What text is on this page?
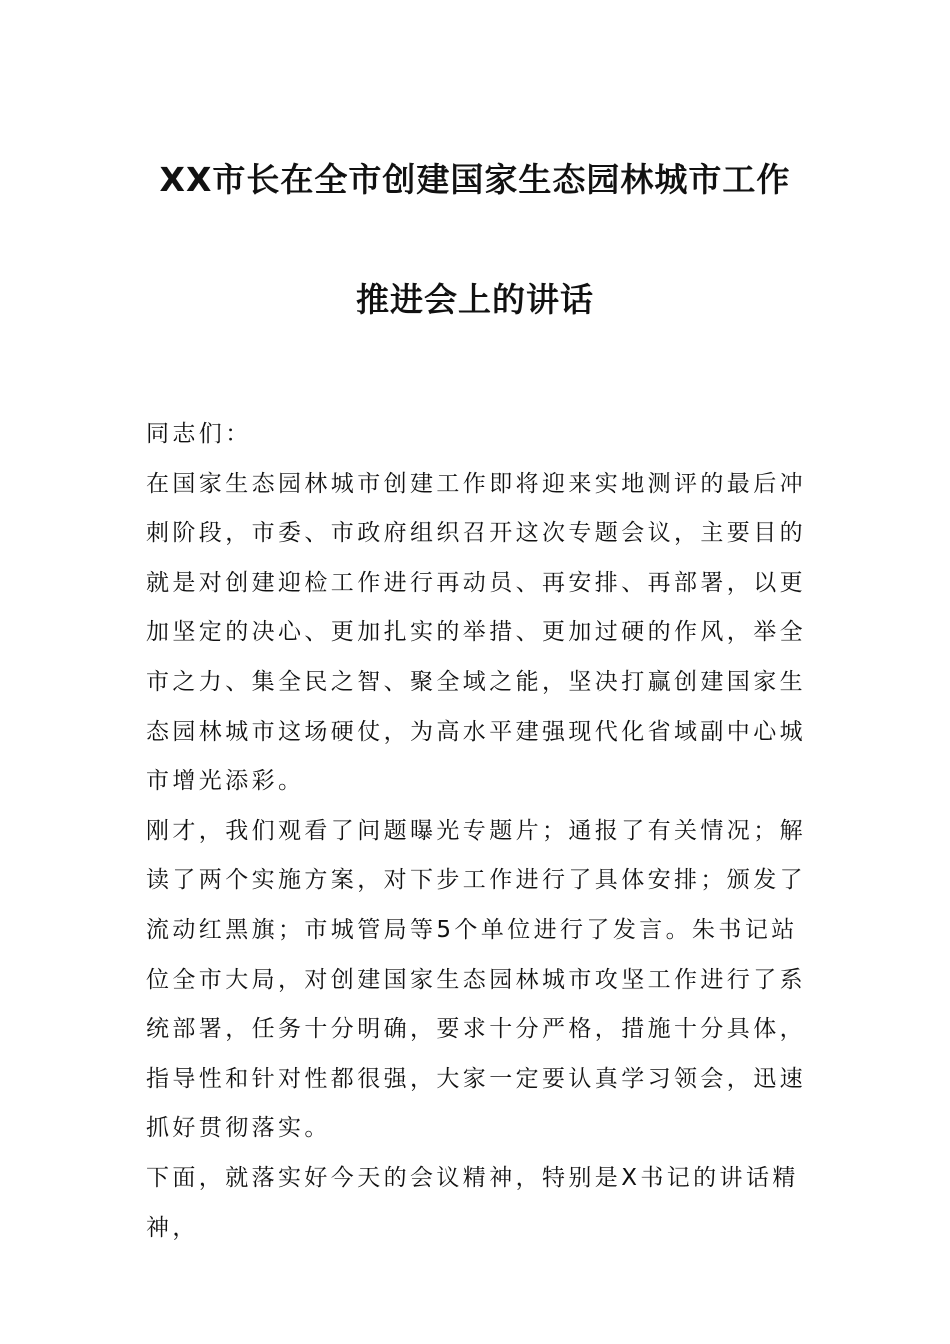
XX市长在全市创建国家生态园林城市工作
推进会上的讲话

同志们：

在国家生态园林城市创建工作即将迎来实地测评的最后冲刺阶段，市委、市政府组织召开这次专题会议，主要目的就是对创建迎检工作进行再动员、再安排、再部署，以更加坚定的决心、更加扎实的举措、更加过硬的作风，举全市之力、集全民之智、聚全域之能，坚决打赢创建国家生态园林城市这场硬仗，为高水平建强现代化省域副中心城市增光添彩。

刚才，我们观看了问题曝光专题片；通报了有关情况；解读了两个实施方案，对下步工作进行了具体安排；颁发了流动红黑旗；市城管局等5个单位进行了发言。朱书记站位全市大局，对创建国家生态园林城市攻坚工作进行了系统部署，任务十分明确，要求十分严格，措施十分具体，指导性和针对性都很强，大家一定要认真学习领会，迅速抓好贯彻落实。

下面，就落实好今天的会议精神，特别是X书记的讲话精神，
